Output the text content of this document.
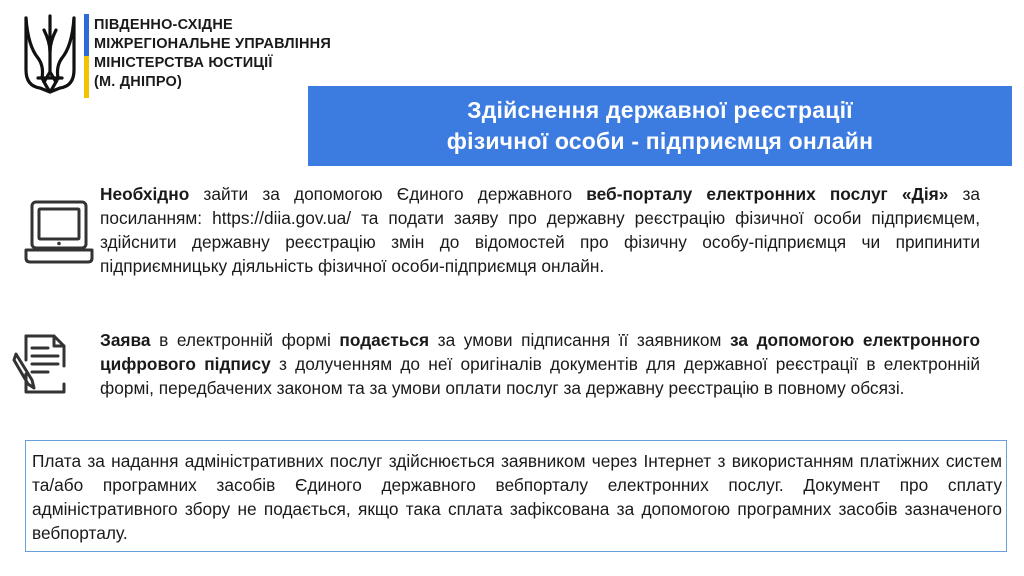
ПІВДЕННО-СХІДНЕ
МІЖРЕГІОНАЛЬНЕ УПРАВЛІННЯ
МІНІСТЕРСТВА ЮСТИЦІЇ
(М. ДНІПРО)
Здійснення державної реєстрації
фізичної особи - підприємця онлайн
Необхідно зайти за допомогою Єдиного державного веб-порталу електронних послуг «Дія» за посиланням: https://diia.gov.ua/ та подати заяву про державну реєстрацію фізичної особи підприємцем, здійснити державну реєстрацію змін до відомостей про фізичну особу-підприємця чи припинити підприємницьку діяльність фізичної особи-підприємця онлайн.
Заява в електронній формі подається за умови підписання її заявником за допомогою електронного цифрового підпису з долученням до неї оригіналів документів для державної реєстрації в електронній формі, передбачених законом та за умови оплати послуг за державну реєстрацію в повному обсязі.
Плата за надання адміністративних послуг здійснюється заявником через Інтернет з використанням платіжних систем та/або програмних засобів Єдиного державного вебпорталу електронних послуг. Документ про сплату адміністративного збору не подається, якщо така сплата зафіксована за допомогою програмних засобів зазначеного вебпорталу.
